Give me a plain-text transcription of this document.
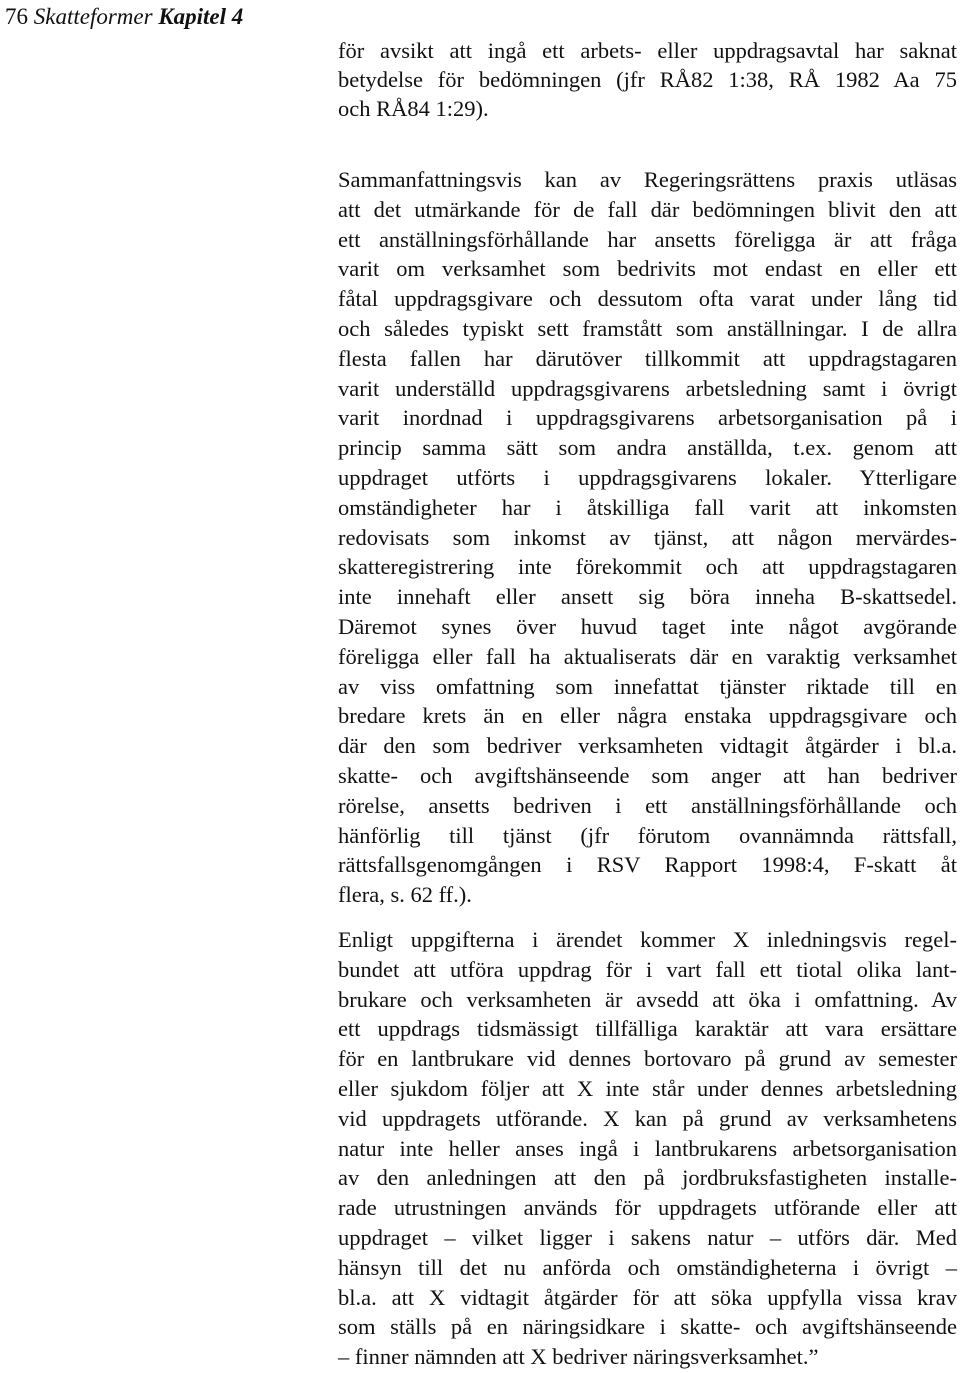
76 Skatteformer Kapitel 4
för avsikt att ingå ett arbets- eller uppdragsavtal har saknat
betydelse för bedömningen (jfr RÅ82 1:38, RÅ 1982 Aa 75
och RÅ84 1:29).
Sammanfattningsvis kan av Regeringsrättens praxis utläsas
att det utmärkande för de fall där bedömningen blivit den att
ett anställningsförhållande har ansetts föreligga är att fråga
varit om verksamhet som bedrivits mot endast en eller ett
fåtal uppdragsgivare och dessutom ofta varat under lång tid
och således typiskt sett framstått som anställningar. I de allra
flesta fallen har därutöver tillkommit att uppdragstagaren
varit underställd uppdragsgivarens arbetsledning samt i övrigt
varit inordnad i uppdragsgivarens arbetsorganisation på i
princip samma sätt som andra anställda, t.ex. genom att
uppdraget utförts i uppdragsgivarens lokaler. Ytterligare
omständigheter har i åtskilliga fall varit att inkomsten
redovisats som inkomst av tjänst, att någon mervärdes-
skatteregistrering inte förekommit och att uppdragstagaren
inte innehaft eller ansett sig böra inneha B-skattsedel.
Däremot synes över huvud taget inte något avgörande
föreligga eller fall ha aktualiserats där en varaktig verksamhet
av viss omfattning som innefattat tjänster riktade till en
bredare krets än en eller några enstaka uppdragsgivare och
där den som bedriver verksamheten vidtagit åtgärder i bl.a.
skatte- och avgiftshänseende som anger att han bedriver
rörelse, ansetts bedriven i ett anställningsförhållande och
hänförlig till tjänst (jfr förutom ovannämnda rättsfall,
rättsfallsgenomgången i RSV Rapport 1998:4, F-skatt åt
flera, s. 62 ff.).
Enligt uppgifterna i ärendet kommer X inledningsvis regel-
bundet att utföra uppdrag för i vart fall ett tiotal olika lant-
brukare och verksamheten är avsedd att öka i omfattning. Av
ett uppdrags tidsmässigt tillfälliga karaktär att vara ersättare
för en lantbrukare vid dennes bortovaro på grund av semester
eller sjukdom följer att X inte står under dennes arbetsledning
vid uppdragets utförande. X kan på grund av verksamhetens
natur inte heller anses ingå i lantbrukarens arbetsorganisation
av den anledningen att den på jordbruksfastigheten installe-
rade utrustningen används för uppdragets utförande eller att
uppdraget – vilket ligger i sakens natur – utförs där. Med
hänsyn till det nu anförda och omständigheterna i övrigt –
bl.a. att X vidtagit åtgärder för att söka uppfylla vissa krav
som ställs på en näringsidkare i skatte- och avgiftshänseende
– finner nämnden att X bedriver näringsverksamhet.”
